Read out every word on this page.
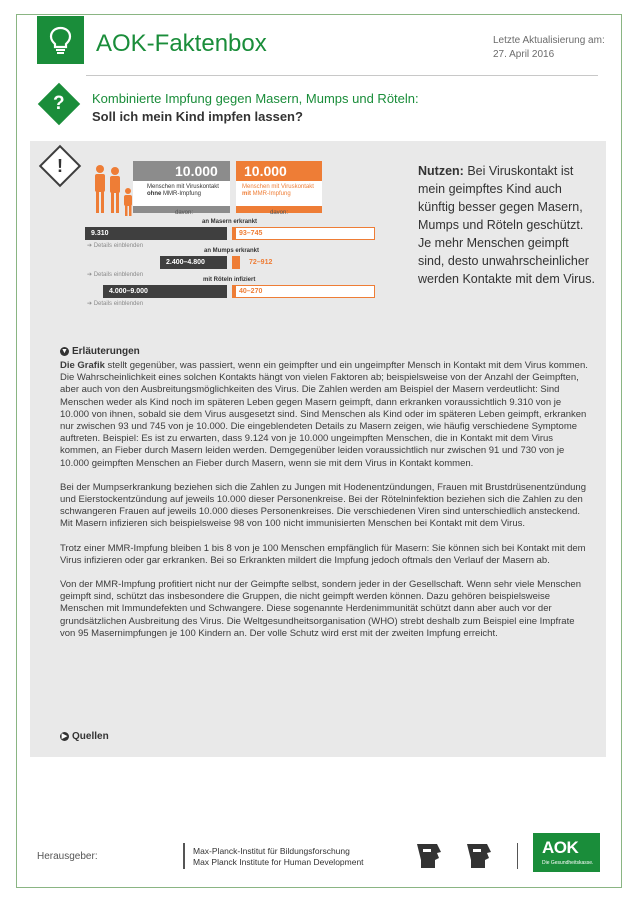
AOK-Faktenbox	Letzte Aktualisierung am:
27. April 2016
?	Kombinierte Impfung gegen Masern, Mumps und Röteln:
Soll ich mein Kind impfen lassen?
!	10.000
Menschen mit Viruskontakt
ohne MMR-Impfung
10.000
Menschen mit Viruskontakt
mit MMR-Impfung
davon:	davon:
an Masern erkrankt
9.310	93–745
➔ Details einblenden
an Mumps erkrankt
2.400–4.800	72–912
➔ Details einblenden
mit Röteln infiziert
4.000–9.000	40–270
➔ Details einblenden
Nutzen: Bei Viruskontakt ist mein geimpftes Kind auch künftig besser gegen Masern, Mumps und Röteln geschützt. Je mehr Menschen geimpft sind, desto unwahrscheinlicher werden Kontakte mit dem Virus.
▼ Erläuterungen

Die Grafik stellt gegenüber, was passiert, wenn ein geimpfter und ein ungeimpfter Mensch in Kontakt mit dem Virus kommen. Die Wahrscheinlichkeit eines solchen Kontakts hängt von vielen Faktoren ab; beispielsweise von der Anzahl der Geimpften, aber auch von den Ausbreitungsmöglichkeiten des Virus. Die Zahlen werden am Beispiel der Masern verdeutlicht: Sind Menschen weder als Kind noch im späteren Leben gegen Masern geimpft, dann erkranken voraussichtlich 9.310 von je 10.000 von ihnen, sobald sie dem Virus ausgesetzt sind. Sind Menschen als Kind oder im späteren Leben geimpft, erkranken nur zwischen 93 und 745 von je 10.000. Die eingeblendeten Details zu Masern zeigen, wie häufig verschiedene Symptome auftreten. Beispiel: Es ist zu erwarten, dass 9.124 von je 10.000 ungeimpften Menschen, die in Kontakt mit dem Virus kommen, an Fieber durch Masern leiden werden. Demgegenüber leiden voraussichtlich nur zwischen 91 und 730 von je 10.000 geimpften Menschen an Fieber durch Masern, wenn sie mit dem Virus in Kontakt kommen.

Bei der Mumpserkrankung beziehen sich die Zahlen zu Jungen mit Hodenentzündungen, Frauen mit Brustdrüsenentzündung und Eierstockentzündung auf jeweils 10.000 dieser Personenkreise. Bei der Rötelninfektion beziehen sich die Zahlen zu den schwangeren Frauen auf jeweils 10.000 dieses Personenkreises. Die verschiedenen Viren sind unterschiedlich ansteckend. Mit Masern infizieren sich beispielsweise 98 von 100 nicht immunisierten Menschen bei Kontakt mit dem Virus.

Trotz einer MMR-Impfung bleiben 1 bis 8 von je 100 Menschen empfänglich für Masern: Sie können sich bei Kontakt mit dem Virus infizieren oder gar erkranken. Bei so Erkrankten mildert die Impfung jedoch oftmals den Verlauf der Masern ab.

Von der MMR-Impfung profitiert nicht nur der Geimpfte selbst, sondern jeder in der Gesellschaft. Wenn sehr viele Menschen geimpft sind, schützt das insbesondere die Gruppen, die nicht geimpft werden können. Dazu gehören beispielsweise Menschen mit Immundefekten und Schwangere. Diese sogenannte Herdenimmunität schützt dann aber auch vor der grundsätzlichen Ausbreitung des Virus. Die Weltgesundheitsorganisation (WHO) strebt deshalb zum Beispiel eine Impfrate von 95 Masernimpfungen je 100 Kindern an. Der volle Schutz wird erst mit der zweiten Impfung erreicht.

▶ Quellen
Herausgeber:	Max-Planck-Institut für Bildungsforschung
Max Planck Institute for Human Development
AOK
Die Gesundheitskasse.
